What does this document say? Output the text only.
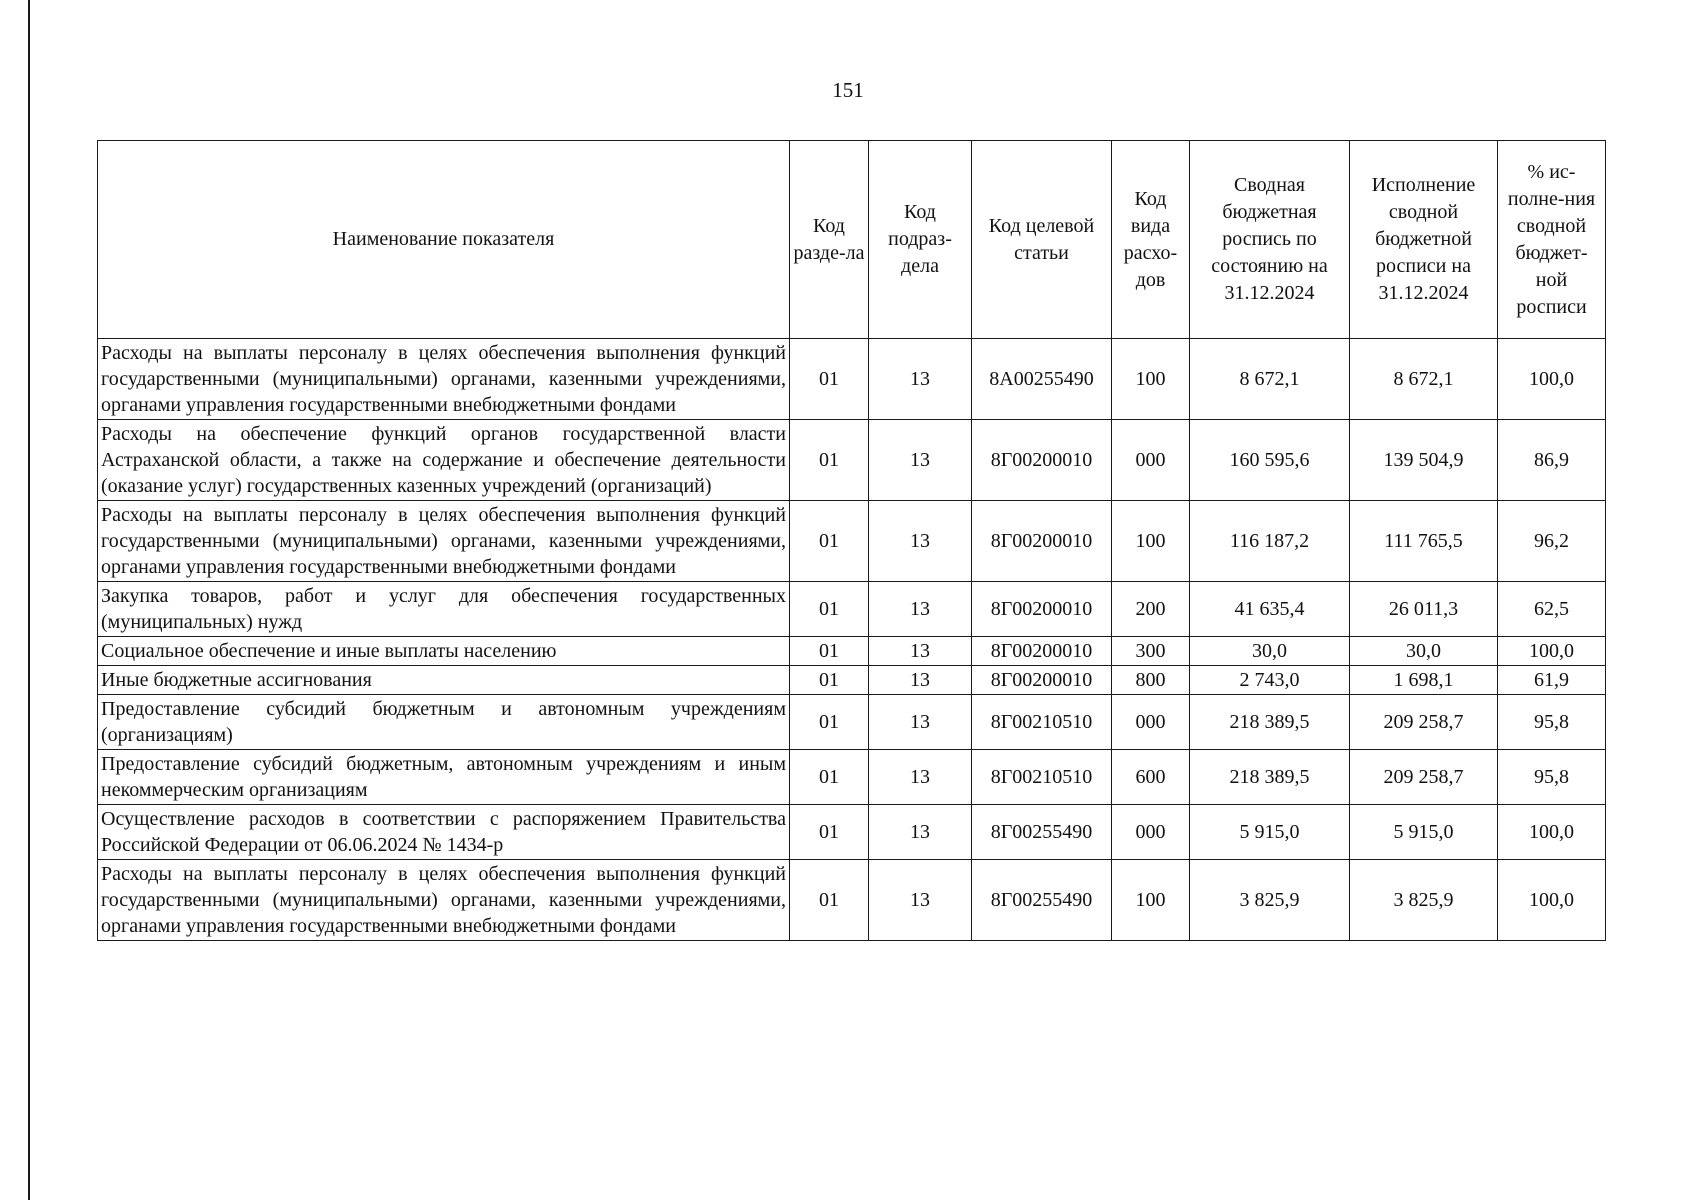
151
Наименование показателя	Код разде-ла	Код подраз-дела	Код целевой статьи	Код вида расхо-дов	Сводная бюджетная роспись по состоянию на 31.12.2024	Исполнение сводной бюджетной росписи на 31.12.2024	% ис-полне-ния сводной бюджет-ной росписи
Расходы на выплаты персоналу в целях обеспечения выполнения функций государственными (муниципальными) органами, казенными учреждениями, органами управления государственными внебюджетными фондами	01	13	8А00255490	100	8 672,1	8 672,1	100,0
Расходы на обеспечение функций органов государственной власти Астраханской области, а также на содержание и обеспечение деятельности (оказание услуг) государственных казенных учреждений (организаций)	01	13	8Г00200010	000	160 595,6	139 504,9	86,9
Расходы на выплаты персоналу в целях обеспечения выполнения функций государственными (муниципальными) органами, казенными учреждениями, органами управления государственными внебюджетными фондами	01	13	8Г00200010	100	116 187,2	111 765,5	96,2
Закупка товаров, работ и услуг для обеспечения государственных (муниципальных) нужд	01	13	8Г00200010	200	41 635,4	26 011,3	62,5
Социальное обеспечение и иные выплаты населению	01	13	8Г00200010	300	30,0	30,0	100,0
Иные бюджетные ассигнования	01	13	8Г00200010	800	2 743,0	1 698,1	61,9
Предоставление субсидий бюджетным и автономным учреждениям (организациям)	01	13	8Г00210510	000	218 389,5	209 258,7	95,8
Предоставление субсидий бюджетным, автономным учреждениям и иным некоммерческим организациям	01	13	8Г00210510	600	218 389,5	209 258,7	95,8
Осуществление расходов в соответствии с распоряжением Правительства Российской Федерации от 06.06.2024 № 1434-р	01	13	8Г00255490	000	5 915,0	5 915,0	100,0
Расходы на выплаты персоналу в целях обеспечения выполнения функций государственными (муниципальными) органами, казенными учреждениями, органами управления государственными внебюджетными фондами	01	13	8Г00255490	100	3 825,9	3 825,9	100,0
